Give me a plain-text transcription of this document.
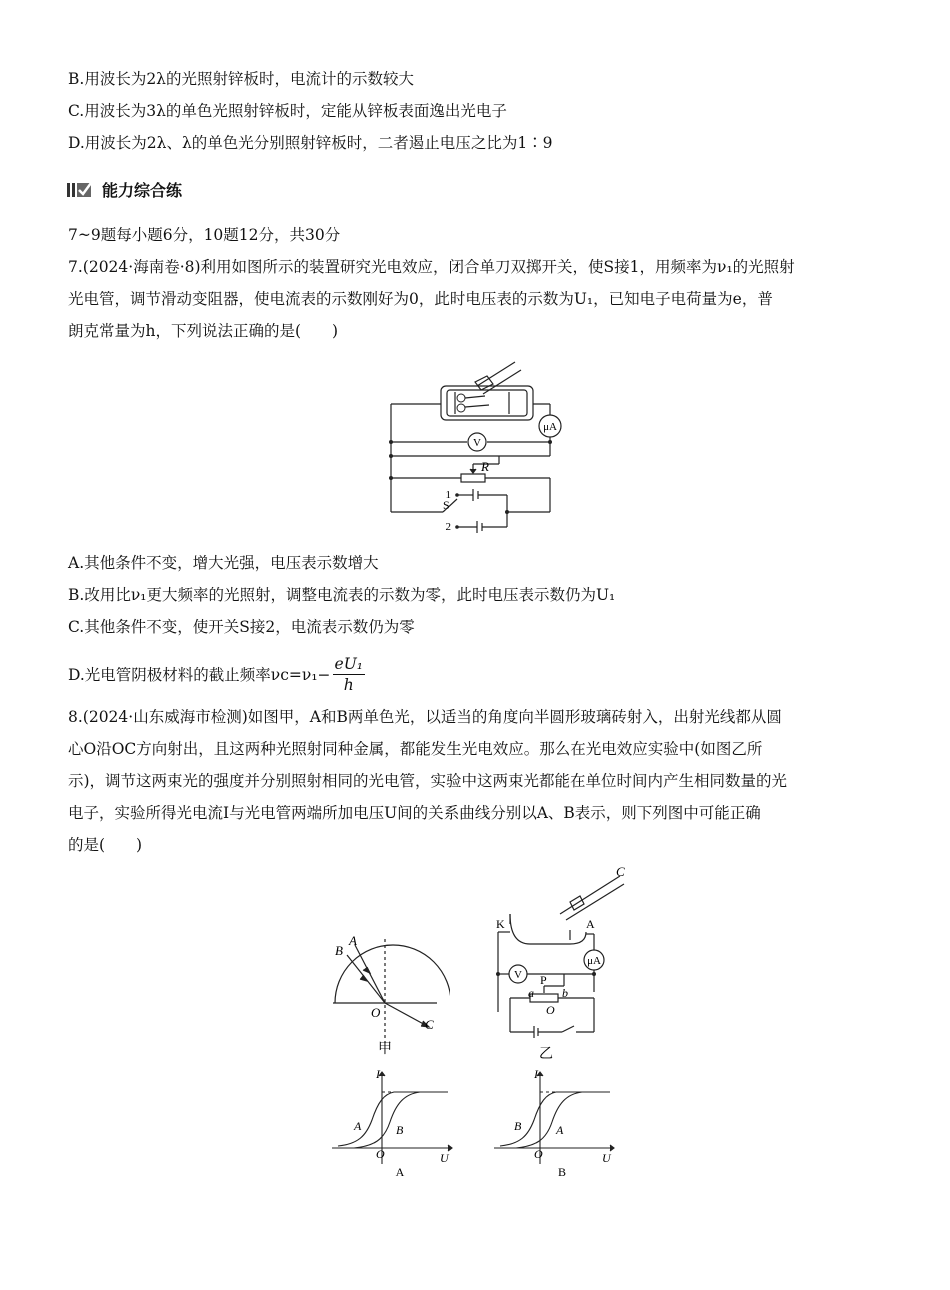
B.用波长为2λ的光照射锌板时，电流计的示数较大
C.用波长为3λ的单色光照射锌板时，定能从锌板表面逸出光电子
D.用波长为2λ、λ的单色光分别照射锌板时，二者遏止电压之比为1∶9
能力综合练
7~9题每小题6分，10题12分，共30分
7.(2024·海南卷·8)利用如图所示的装置研究光电效应，闭合单刀双掷开关，使S接1，用频率为ν₁的光照射
光电管，调节滑动变阻器，使电流表的示数刚好为0，此时电压表的示数为U₁，已知电子电荷量为e，普
朗克常量为h，下列说法正确的是(　　)
V
μA
R
S
1
2
A.其他条件不变，增大光强，电压表示数增大
B.改用比ν₁更大频率的光照射，调整电流表的示数为零，此时电压表示数仍为U₁
C.其他条件不变，使开关S接2，电流表示数仍为零
D.光电管阴极材料的截止频率$\nu c=\nu_1- \frac{\text{eU₁}}{h}$
8.(2024·山东威海市检测)如图甲，A和B两单色光，以适当的角度向半圆形玻璃砖射入，出射光线都从圆
心O沿OC方向射出，且这两种光照射同种金属，都能发生光电效应。那么在光电效应实验中(如图乙所
示)，调节这两束光的强度并分别照射相同的光电管，实验中这两束光都能在单位时间内产生相同数量的光
电子，实验所得光电流I与光电管两端所加电压U间的关系曲线分别以A、B表示，则下列图中可能正确
的是(　　)
B
A
C
O
甲
C
K	A
V
μA
P
a b
O
乙
I
U
O
A	B
A
I
U
O
B	A
B
